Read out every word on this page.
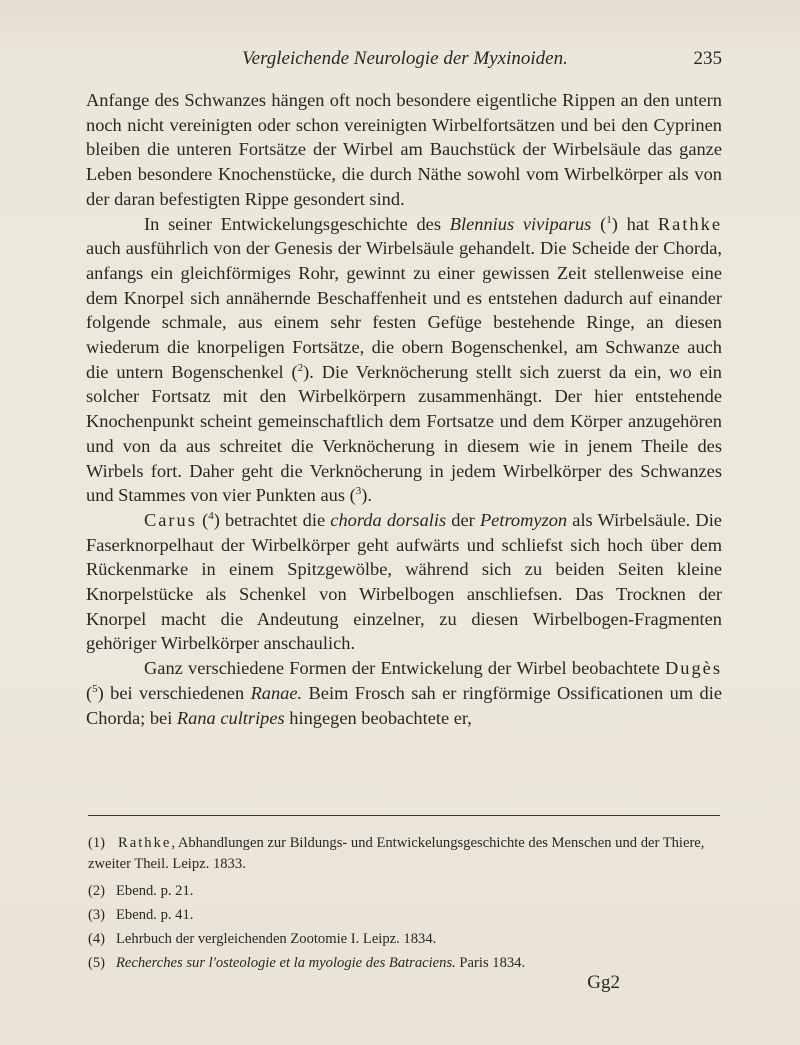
Vergleichende Neurologie der Myxinoiden.	235

Anfange des Schwanzes hängen oft noch besondere eigentliche Rippen an den untern noch nicht vereinigten oder schon vereinigten Wirbelfortsätzen und bei den Cyprinen bleiben die unteren Fortsätze der Wirbel am Bauchstück der Wirbelsäule das ganze Leben besondere Knochenstücke, die durch Näthe sowohl vom Wirbelkörper als von der daran befestigten Rippe gesondert sind.

In seiner Entwickelungsgeschichte des Blennius viviparus ($^1$) hat Rathke auch ausführlich von der Genesis der Wirbelsäule gehandelt. Die Scheide der Chorda, anfangs ein gleichförmiges Rohr, gewinnt zu einer gewissen Zeit stellenweise eine dem Knorpel sich annähernde Beschaffenheit und es entstehen dadurch auf einander folgende schmale, aus einem sehr festen Gefüge bestehende Ringe, an diesen wiederum die knorpeligen Fortsätze, die obern Bogenschenkel, am Schwanze auch die untern Bogenschenkel ($^2$). Die Verknöcherung stellt sich zuerst da ein, wo ein solcher Fortsatz mit den Wirbelkörpern zusammenhängt. Der hier entstehende Knochenpunkt scheint gemeinschaftlich dem Fortsatze und dem Körper anzugehören und von da aus schreitet die Verknöcherung in diesem wie in jenem Theile des Wirbels fort. Daher geht die Verknöcherung in jedem Wirbelkörper des Schwanzes und Stammes von vier Punkten aus ($^3$).

Carus ($^4$) betrachtet die chorda dorsalis der Petromyzon als Wirbelsäule. Die Faserknorpelhaut der Wirbelkörper geht aufwärts und schliefst sich hoch über dem Rückenmarke in einem Spitzgewölbe, während sich zu beiden Seiten kleine Knorpelstücke als Schenkel von Wirbelbogen anschliefsen. Das Trocknen der Knorpel macht die Andeutung einzelner, zu diesen Wirbelbogen-Fragmenten gehöriger Wirbelkörper anschaulich.

Ganz verschiedene Formen der Entwickelung der Wirbel beobachtete Dugès ($^5$) bei verschiedenen Ranae. Beim Frosch sah er ringförmige Ossificationen um die Chorda; bei Rana cultripes hingegen beobachtete er,

(1) Rathke, Abhandlungen zur Bildungs- und Entwickelungsgeschichte des Menschen und der Thiere, zweiter Theil. Leipz. 1833.

(2) Ebend. p. 21.

(3) Ebend. p. 41.

(4) Lehrbuch der vergleichenden Zootomie I. Leipz. 1834.

(5) Recherches sur l'osteologie et la myologie des Batraciens. Paris 1834.

Gg2
